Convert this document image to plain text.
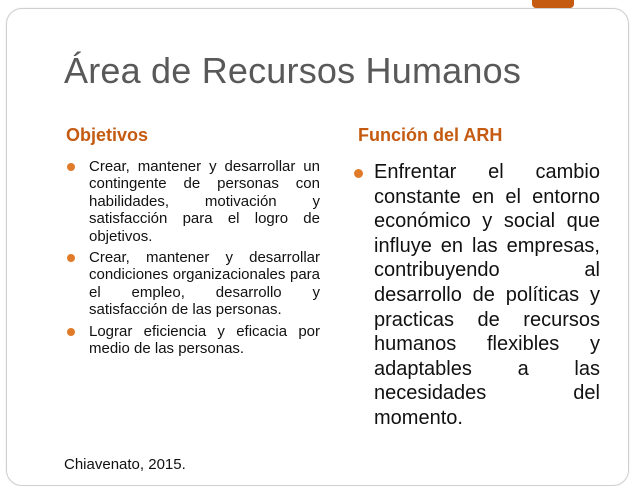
Área de Recursos Humanos
Objetivos	Función del ARH
Crear, mantener y desarrollar un contingente de personas con habilidades, motivación y satisfacción para el logro de objetivos.
Crear, mantener y desarrollar condiciones organizacionales para el empleo, desarrollo y satisfacción de las personas.
Lograr eficiencia y eficacia por medio de las personas.
Chiavenato, 2015.
Enfrentar el cambio constante en el entorno económico y social que influye en las empresas, contribuyendo al desarrollo de políticas y practicas de recursos humanos flexibles y adaptables a las necesidades del momento.
